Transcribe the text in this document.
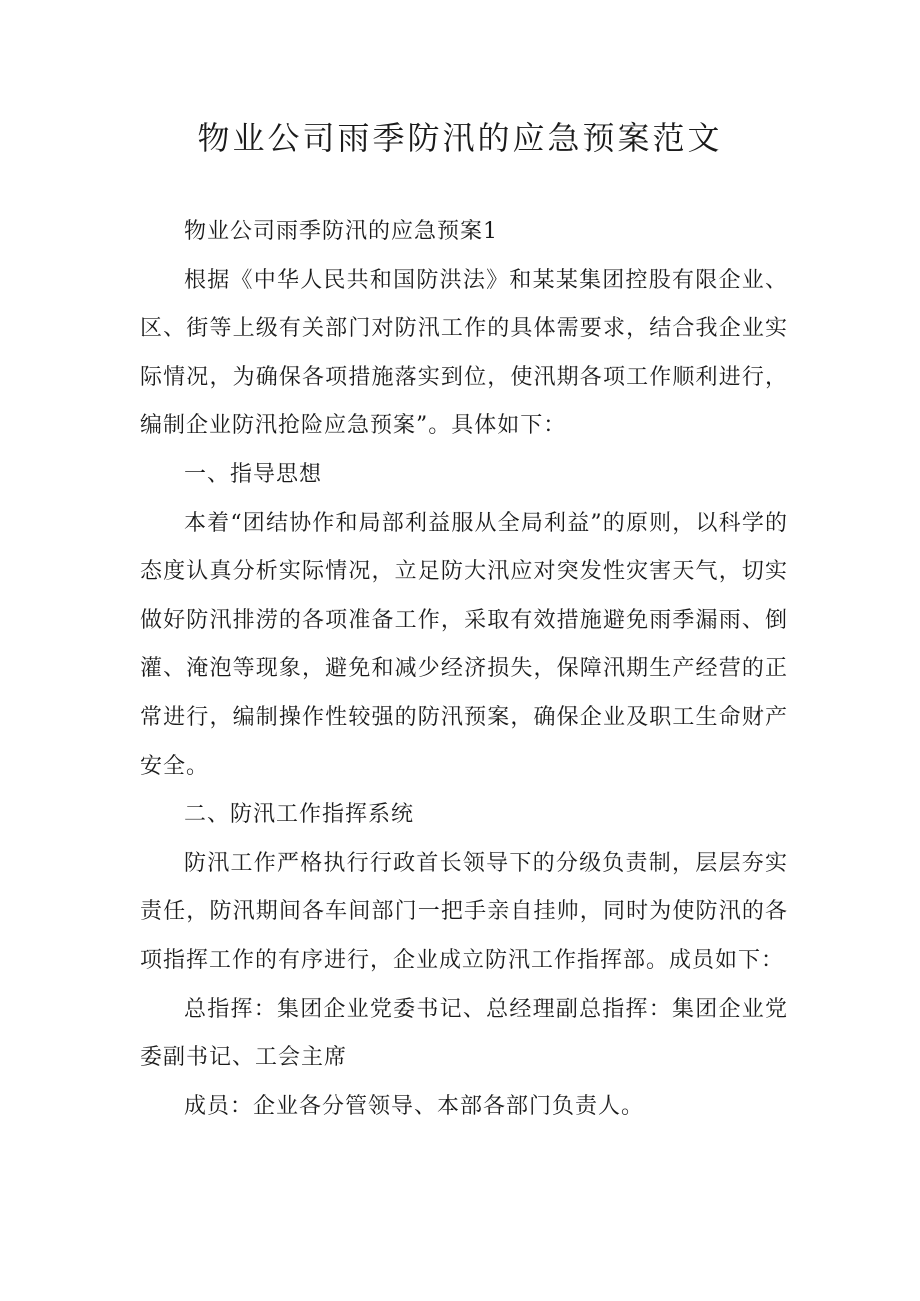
物业公司雨季防汛的应急预案范文

物业公司雨季防汛的应急预案1

根据《中华人民共和国防洪法》和某某集团控股有限企业、区、街等上级有关部门对防汛工作的具体需要求，结合我企业实际情况，为确保各项措施落实到位，使汛期各项工作顺利进行，编制企业防汛抢险应急预案”。具体如下：

一、指导思想

本着“团结协作和局部利益服从全局利益”的原则，以科学的态度认真分析实际情况，立足防大汛应对突发性灾害天气，切实做好防汛排涝的各项准备工作，采取有效措施避免雨季漏雨、倒灌、淹泡等现象，避免和减少经济损失，保障汛期生产经营的正常进行，编制操作性较强的防汛预案，确保企业及职工生命财产安全。

二、防汛工作指挥系统

防汛工作严格执行行政首长领导下的分级负责制，层层夯实责任，防汛期间各车间部门一把手亲自挂帅，同时为使防汛的各项指挥工作的有序进行，企业成立防汛工作指挥部。成员如下：

总指挥：集团企业党委书记、总经理副总指挥：集团企业党委副书记、工会主席

成员：企业各分管领导、本部各部门负责人。
